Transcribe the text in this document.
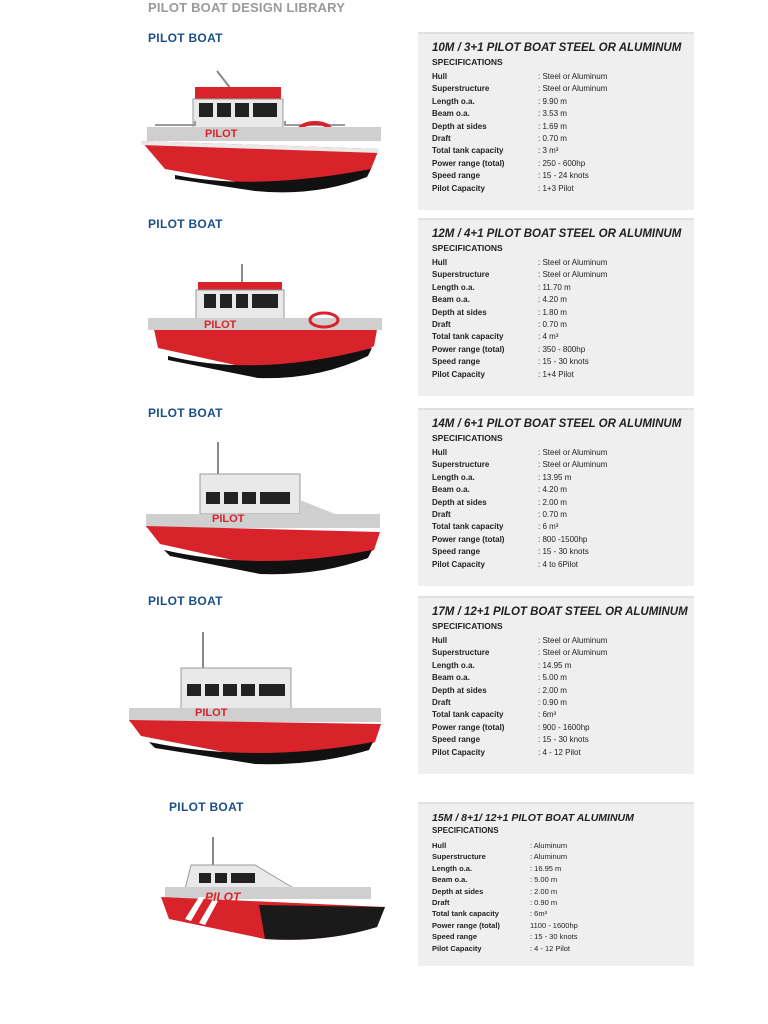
PILOT BOAT DESIGN LIBRARY
PILOT BOAT
PILOT
10M / 3+1 PILOT BOAT STEEL OR ALUMINUM
SPECIFICATIONS
Hull	: Steel or Aluminum
Superstructure	: Steel or Aluminum
Length o.a.	: 9.90 m
Beam o.a.	: 3.53 m
Depth at sides	: 1.69 m
Draft	: 0.70 m
Total tank capacity	: 3 m³
Power range (total)	: 250 - 600hp
Speed range	: 15 - 24 knots
Pilot Capacity	: 1+3 Pilot
PILOT BOAT
PILOT
12M / 4+1 PILOT BOAT STEEL OR ALUMINUM
SPECIFICATIONS
Hull	: Steel or Aluminum
Superstructure	: Steel or Aluminum
Length o.a.	: 11.70 m
Beam o.a.	: 4.20 m
Depth at sides	: 1.80 m
Draft	: 0.70 m
Total tank capacity	: 4 m³
Power range (total)	: 350 - 800hp
Speed range	: 15 - 30 knots
Pilot Capacity	: 1+4 Pilot
PILOT BOAT
PILOT
14M / 6+1 PILOT BOAT STEEL OR ALUMINUM
SPECIFICATIONS
Hull	: Steel or Aluminum
Superstructure	: Steel or Aluminum
Length o.a.	: 13.95 m
Beam o.a.	: 4.20 m
Depth at sides	: 2.00 m
Draft	: 0.70 m
Total tank capacity	: 6 m³
Power range (total)	: 800 -1500hp
Speed range	: 15 - 30 knots
Pilot Capacity	: 4 to 6Pilot
PILOT BOAT
PILOT
17M / 12+1 PILOT BOAT STEEL OR ALUMINUM
SPECIFICATIONS
Hull	: Steel or Aluminum
Superstructure	: Steel or Aluminum
Length o.a.	: 14.95 m
Beam o.a.	: 5.00 m
Depth at sides	: 2.00 m
Draft	: 0.90 m
Total tank capacity	: 6m³
Power range (total)	: 900 - 1600hp
Speed range	: 15 - 30 knots
Pilot Capacity	: 4 - 12 Pilot
PILOT BOAT
PILOT
15M / 8+1/ 12+1 PILOT BOAT ALUMINUM
SPECIFICATIONS
Hull	: Aluminum
Superstructure	: Aluminum
Length o.a.	: 16.95 m
Beam o.a.	: 5.00 m
Depth at sides	: 2.00 m
Draft	: 0.90 m
Total tank capacity	: 6m³
Power range (total)	1100 - 1600hp
Speed range	: 15 - 30 knots
Pilot Capacity	: 4 - 12 Pilot
